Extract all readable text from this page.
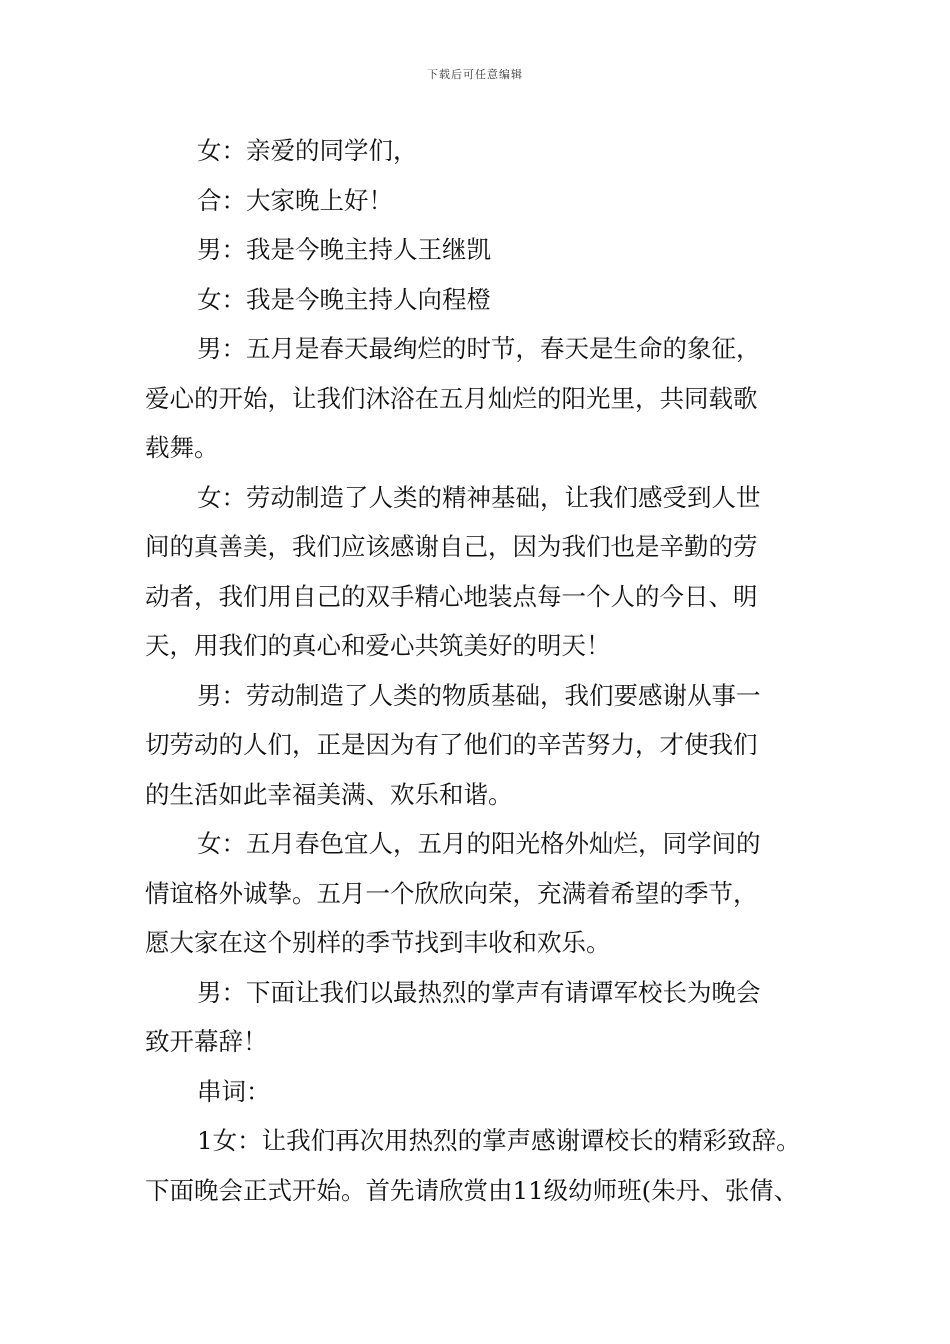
下载后可任意编辑

女：亲爱的同学们，

合：大家晚上好！

男：我是今晚主持人王继凯

女：我是今晚主持人向程橙

男：五月是春天最绚烂的时节，春天是生命的象征，
爱心的开始，让我们沐浴在五月灿烂的阳光里，共同载歌
载舞。

女：劳动制造了人类的精神基础，让我们感受到人世
间的真善美，我们应该感谢自己，因为我们也是辛勤的劳
动者，我们用自己的双手精心地装点每一个人的今日、明
天，用我们的真心和爱心共筑美好的明天！

男：劳动制造了人类的物质基础，我们要感谢从事一
切劳动的人们，正是因为有了他们的辛苦努力，才使我们
的生活如此幸福美满、欢乐和谐。

女：五月春色宜人，五月的阳光格外灿烂，同学间的
情谊格外诚挚。五月一个欣欣向荣，充满着希望的季节，
愿大家在这个别样的季节找到丰收和欢乐。

男：下面让我们以最热烈的掌声有请谭军校长为晚会
致开幕辞！

串词：

1女：让我们再次用热烈的掌声感谢谭校长的精彩致辞。
下面晚会正式开始。首先请欣赏由11级幼师班(朱丹、张倩、
